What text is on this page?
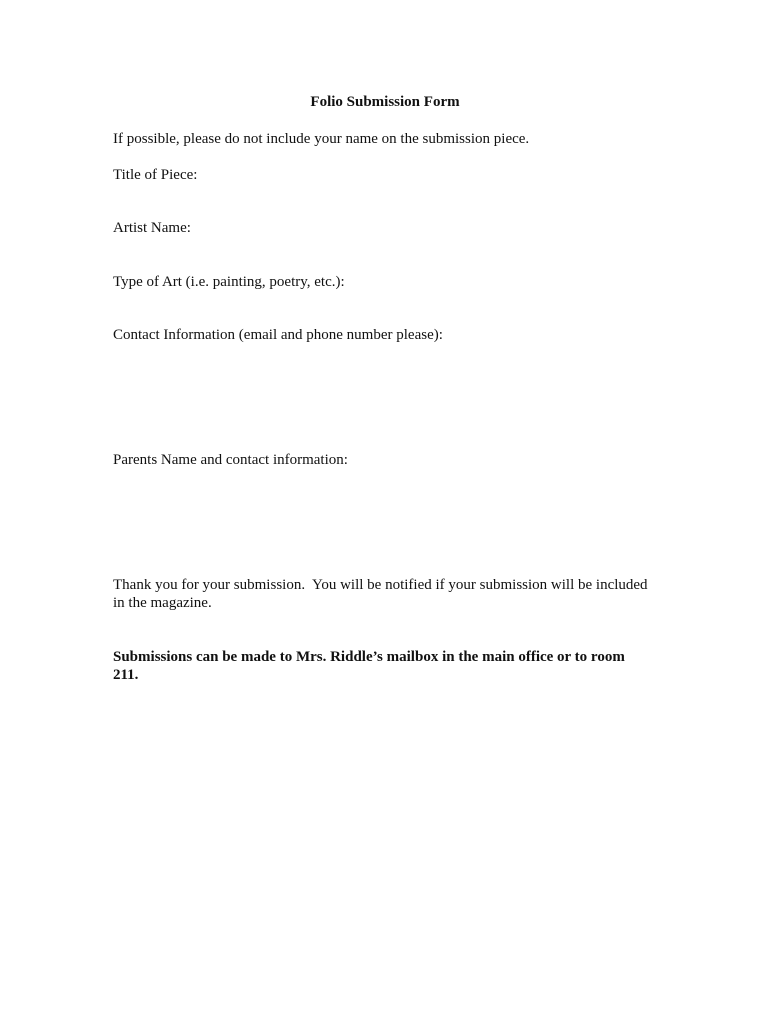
Folio Submission Form
If possible, please do not include your name on the submission piece.
Title of Piece:
Artist Name:
Type of Art (i.e. painting, poetry, etc.):
Contact Information (email and phone number please):
Parents Name and contact information:
Thank you for your submission.  You will be notified if your submission will be included
in the magazine.
Submissions can be made to Mrs. Riddle’s mailbox in the main office or to room
211.
